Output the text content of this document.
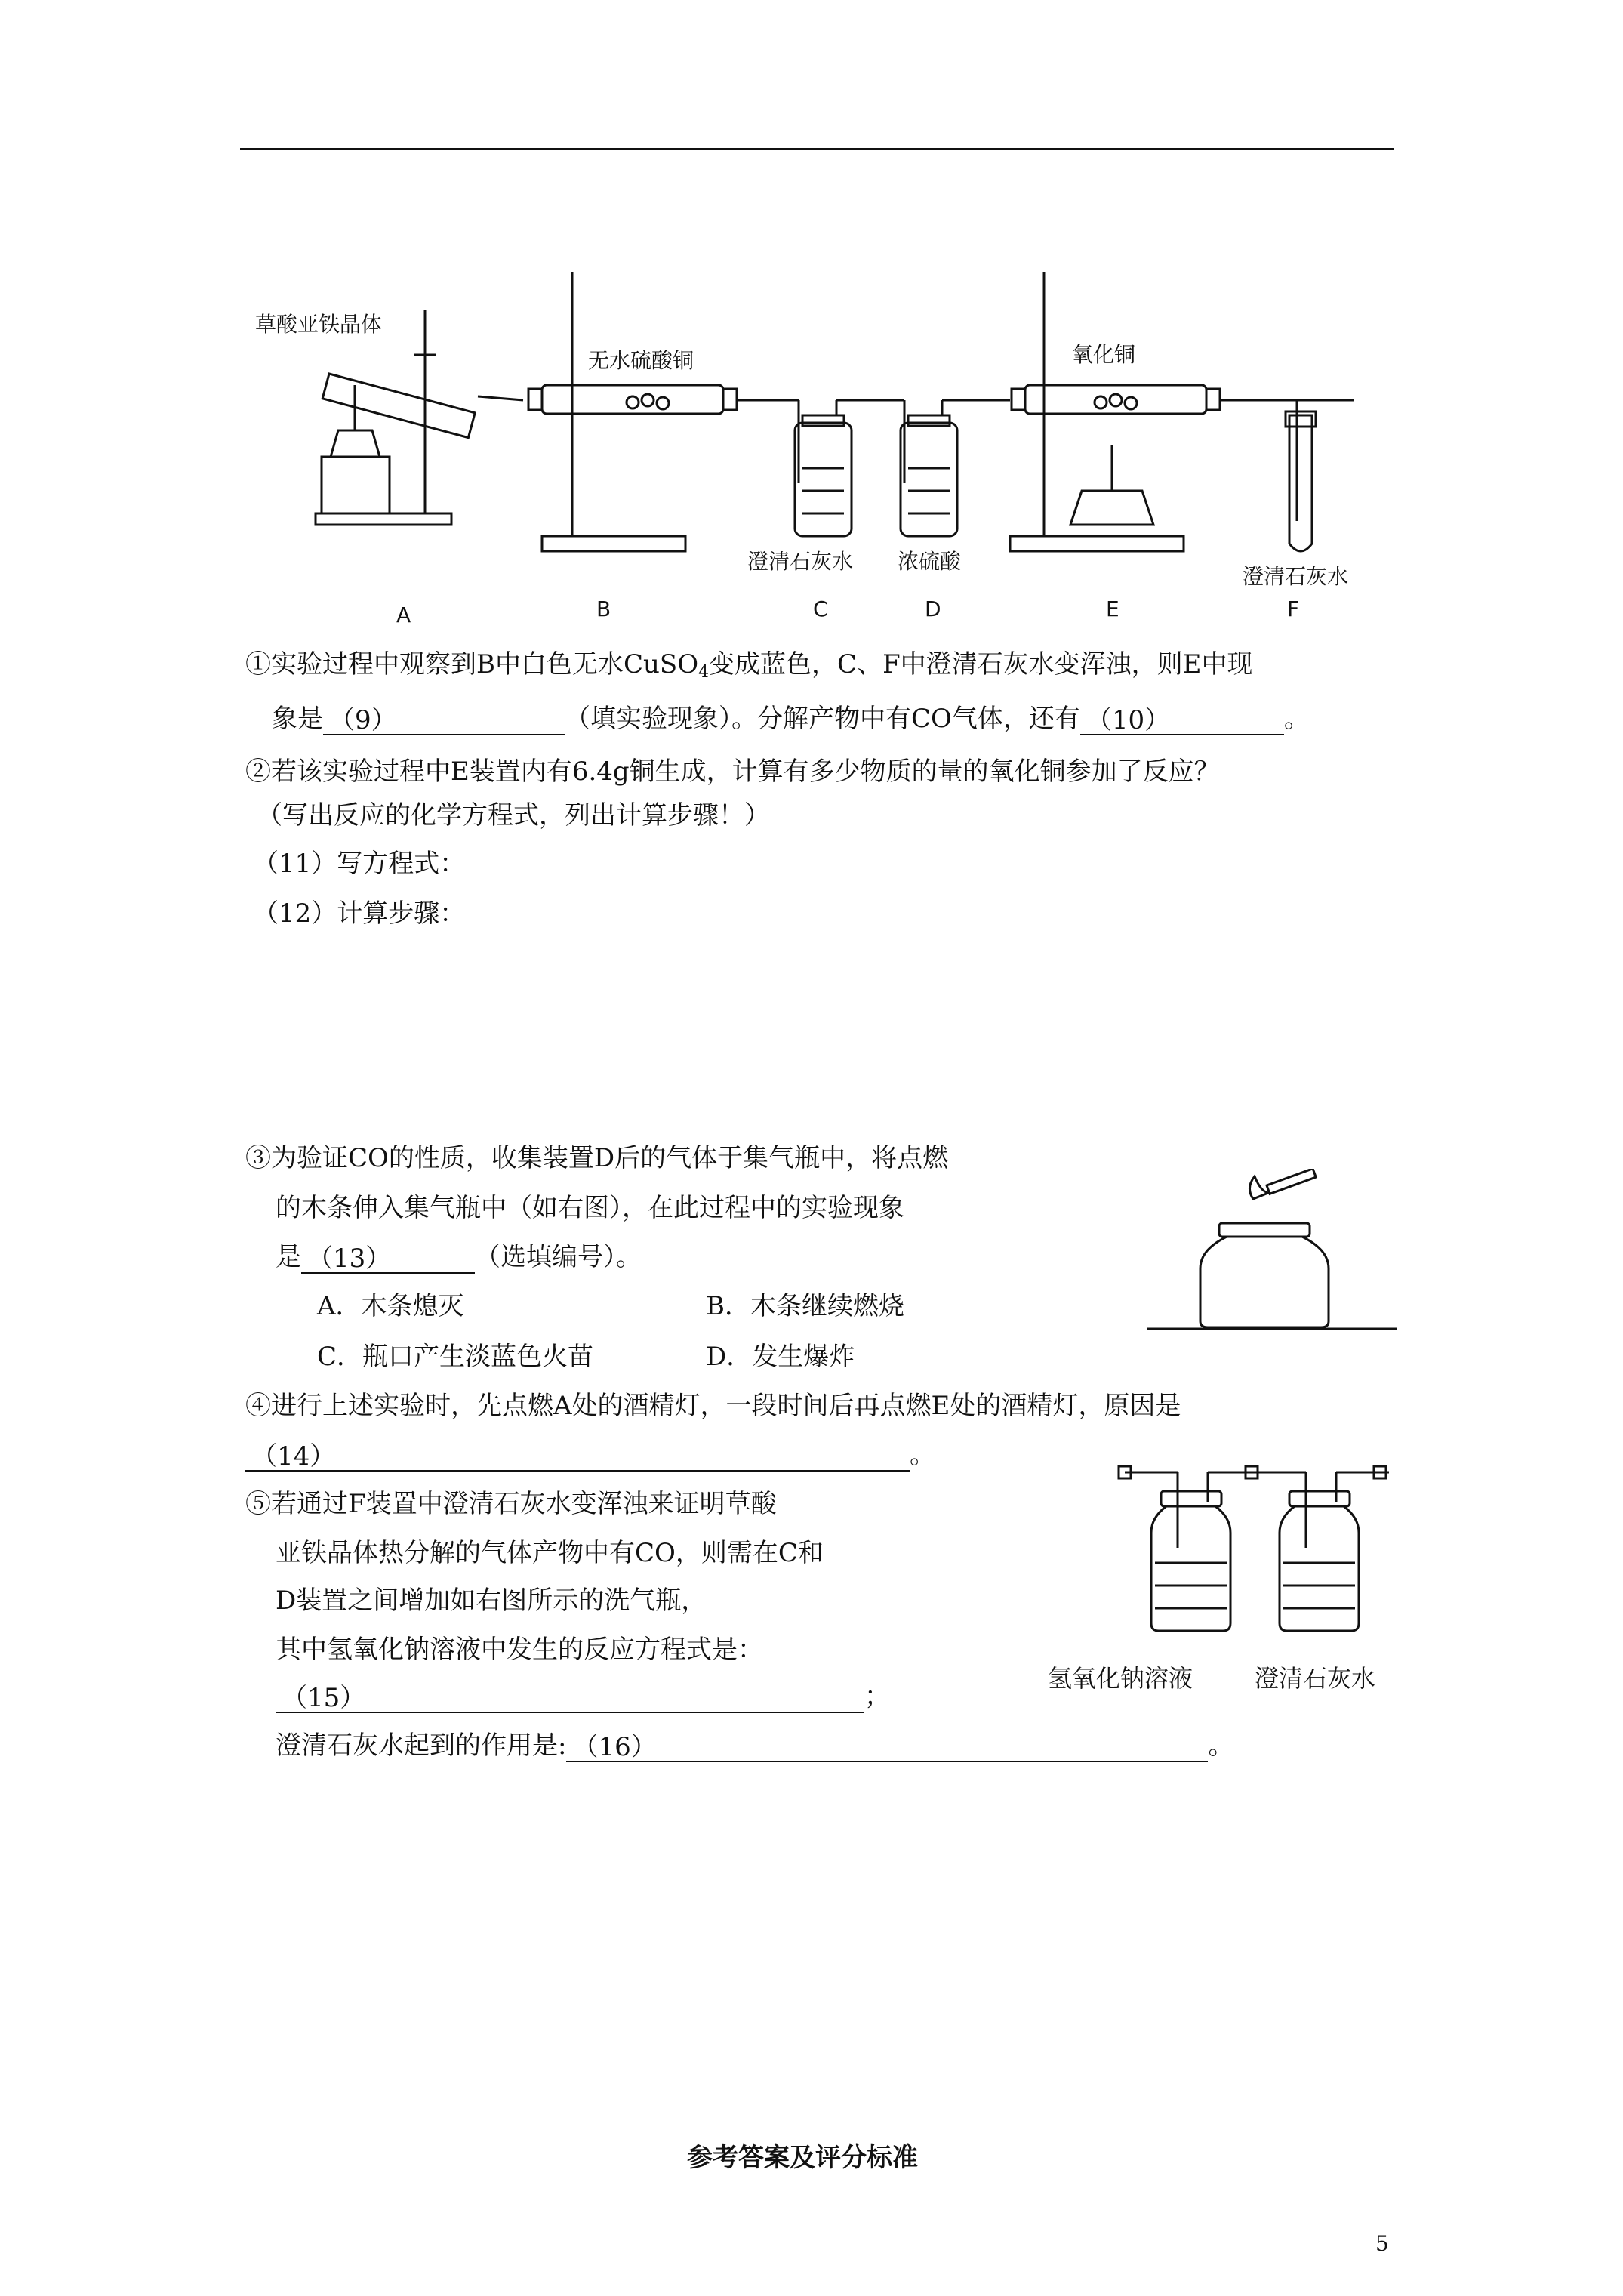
草酸亚铁晶体
无水硫酸铜	氧化铜
澄清石灰水 浓硫酸
澄清石灰水
A	B	C	D	E	F
①实验过程中观察到B中白色无水CuSO$_4$变成蓝色，C、F中澄清石灰水变浑浊，则E中现
象是 （9）	（填实验现象）。分解产物中有CO气体，还有 （10）	。
②若该实验过程中E装置内有6.4g铜生成，计算有多少物质的量的氧化铜参加了反应？
（写出反应的化学方程式，列出计算步骤！）
（11）写方程式：
（12）计算步骤：
③为验证CO的性质，收集装置D后的气体于集气瓶中，将点燃
的木条伸入集气瓶中（如右图），在此过程中的实验现象
是 （13）	（选填编号）。
A．木条熄灭	B．木条继续燃烧
C．瓶口产生淡蓝色火苗	D．发生爆炸
④进行上述实验时，先点燃A处的酒精灯，一段时间后再点燃E处的酒精灯，原因是
（14）	。
⑤若通过F装置中澄清石灰水变浑浊来证明草酸
亚铁晶体热分解的气体产物中有CO，则需在C和
D装置之间增加如右图所示的洗气瓶，
其中氢氧化钠溶液中发生的反应方程式是：
（15）	；
澄清石灰水起到的作用是: （16）	。
氢氧化钠溶液	澄清石灰水
参考答案及评分标准
5
